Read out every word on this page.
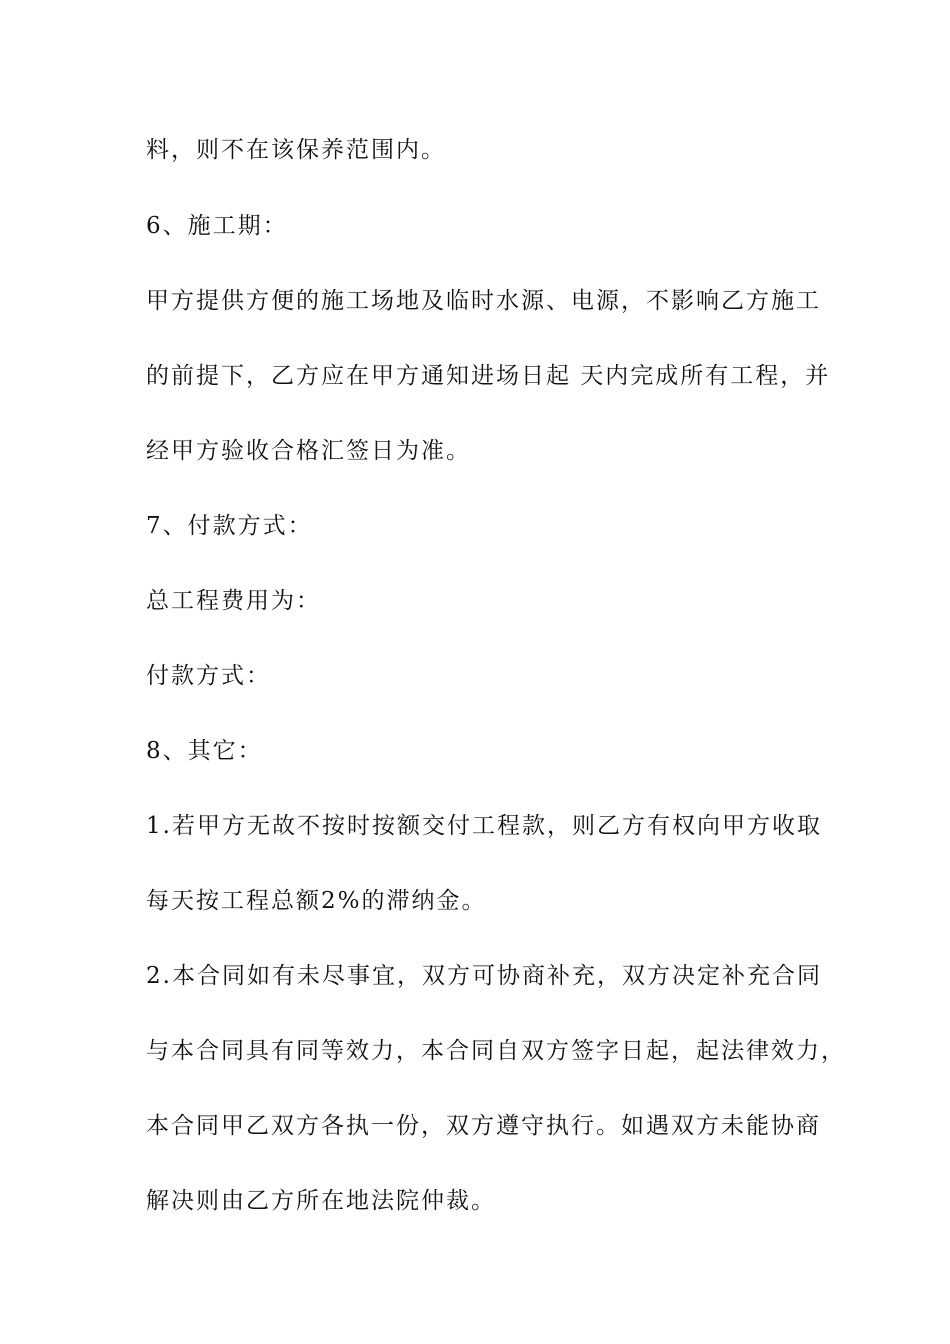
料，则不在该保养范围内。
6、施工期：
甲方提供方便的施工场地及临时水源、电源，不影响乙方施工
的前提下，乙方应在甲方通知进场日起 天内完成所有工程，并
经甲方验收合格汇签日为准。
7、付款方式：
总工程费用为：
付款方式：
8、其它：
1.若甲方无故不按时按额交付工程款，则乙方有权向甲方收取
每天按工程总额2%的滞纳金。
2.本合同如有未尽事宜，双方可协商补充，双方决定补充合同
与本合同具有同等效力，本合同自双方签字日起，起法律效力，
本合同甲乙双方各执一份，双方遵守执行。如遇双方未能协商
解决则由乙方所在地法院仲裁。
